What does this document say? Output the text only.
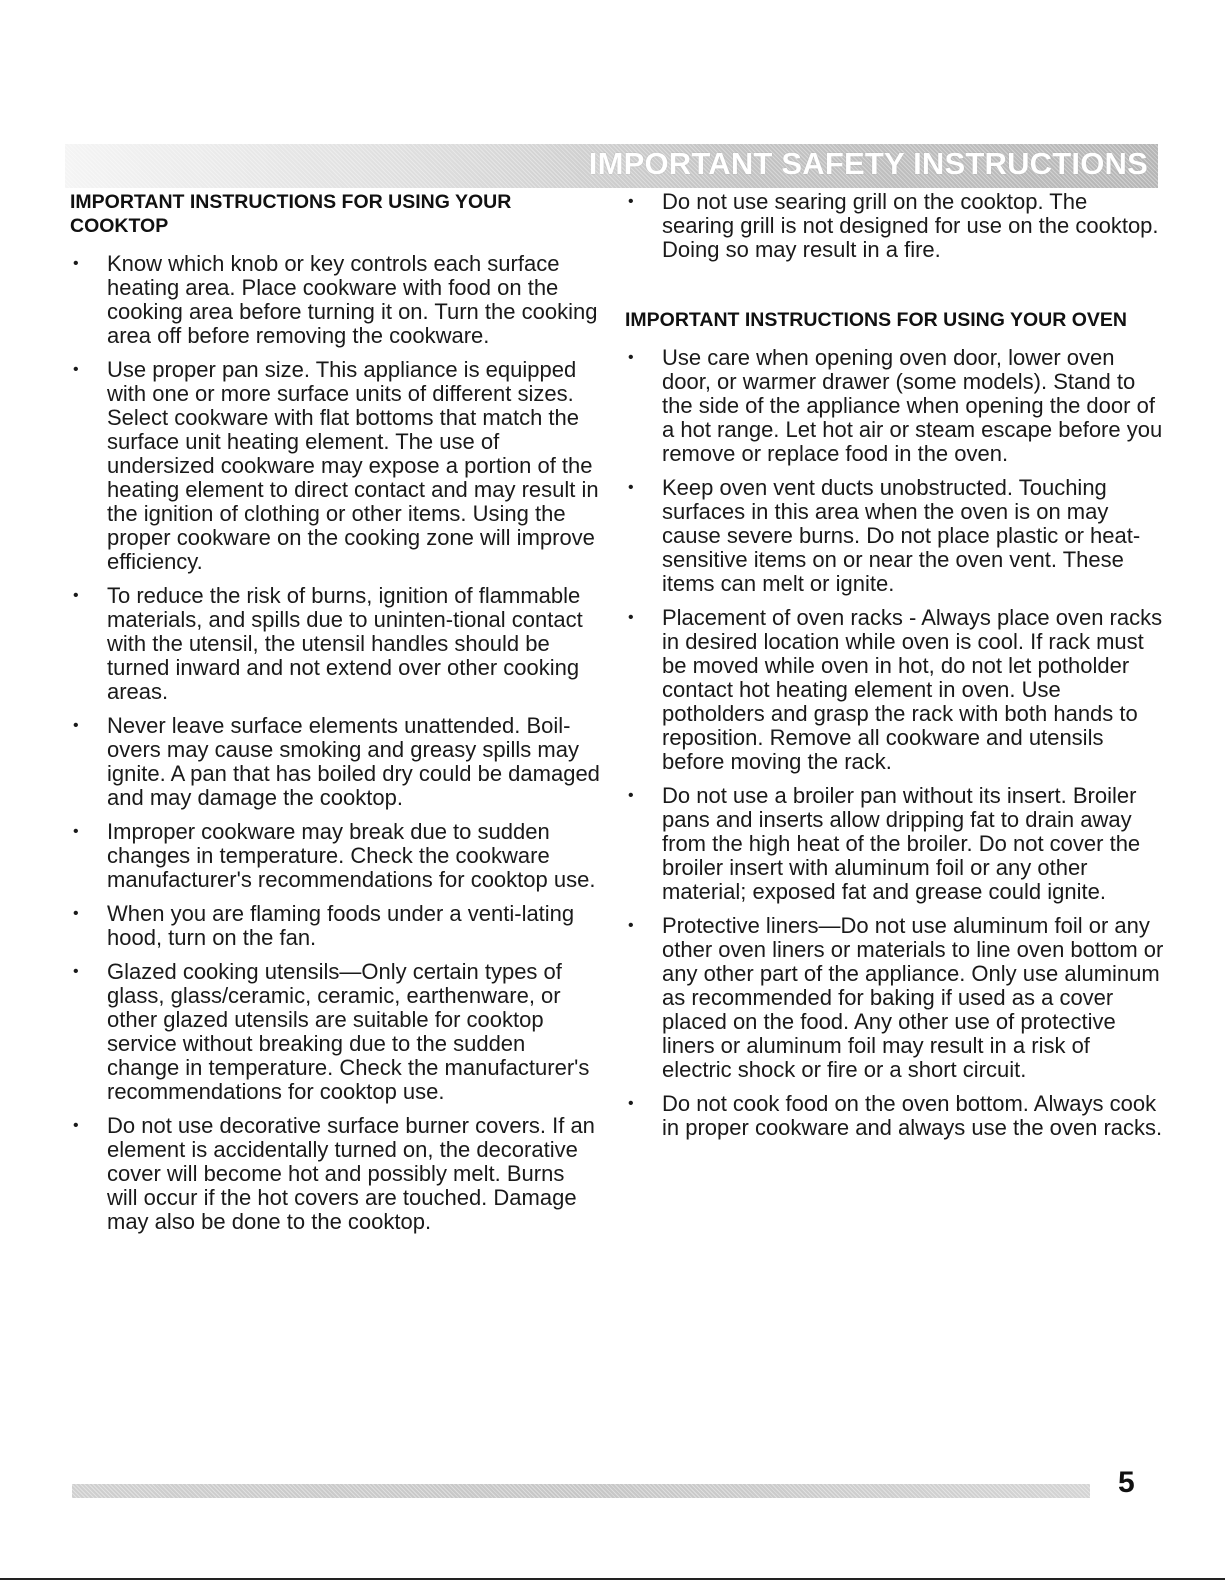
IMPORTANT SAFETY INSTRUCTIONS
IMPORTANT INSTRUCTIONS FOR USING YOUR COOKTOP
• Know which knob or key controls each surface heating area. Place cookware with food on the cooking area before turning it on. Turn the cooking area off before removing the cookware.
• Use proper pan size. This appliance is equipped with one or more surface units of different sizes. Select cookware with flat bottoms that match the surface unit heating element. The use of undersized cookware may expose a portion of the heating element to direct contact and may result in the ignition of clothing or other items. Using the proper cookware on the cooking zone will improve efficiency.
• To reduce the risk of burns, ignition of flammable materials, and spills due to uninten-tional contact with the utensil, the utensil handles should be turned inward and not extend over other cooking areas.
• Never leave surface elements unattended. Boil-overs may cause smoking and greasy spills may ignite. A pan that has boiled dry could be damaged and may damage the cooktop.
• Improper cookware may break due to sudden changes in temperature. Check the cookware manufacturer's recommendations for cooktop use.
• When you are flaming foods under a venti-lating hood, turn on the fan.
• Glazed cooking utensils—Only certain types of glass, glass/ceramic, ceramic, earthenware, or other glazed utensils are suitable for cooktop service without breaking due to the sudden change in temperature. Check the manufacturer's recommendations for cooktop use.
• Do not use decorative surface burner covers. If an element is accidentally turned on, the decorative cover will become hot and possibly melt. Burns will occur if the hot covers are touched. Damage may also be done to the cooktop.
• Do not use searing grill on the cooktop. The searing grill is not designed for use on the cooktop. Doing so may result in a fire.
IMPORTANT INSTRUCTIONS FOR USING YOUR OVEN
• Use care when opening oven door, lower oven door, or warmer drawer (some models). Stand to the side of the appliance when opening the door of a hot range. Let hot air or steam escape before you remove or replace food in the oven.
• Keep oven vent ducts unobstructed. Touching surfaces in this area when the oven is on may cause severe burns. Do not place plastic or heat-sensitive items on or near the oven vent. These items can melt or ignite.
• Placement of oven racks - Always place oven racks in desired location while oven is cool. If rack must be moved while oven in hot, do not let potholder contact hot heating element in oven. Use potholders and grasp the rack with both hands to reposition. Remove all cookware and utensils before moving the rack.
• Do not use a broiler pan without its insert. Broiler pans and inserts allow dripping fat to drain away from the high heat of the broiler. Do not cover the broiler insert with aluminum foil or any other material; exposed fat and grease could ignite.
• Protective liners—Do not use aluminum foil or any other oven liners or materials to line oven bottom or any other part of the appliance. Only use aluminum as recommended for baking if used as a cover placed on the food. Any other use of protective liners or aluminum foil may result in a risk of electric shock or fire or a short circuit.
• Do not cook food on the oven bottom. Always cook in proper cookware and always use the oven racks.
5
